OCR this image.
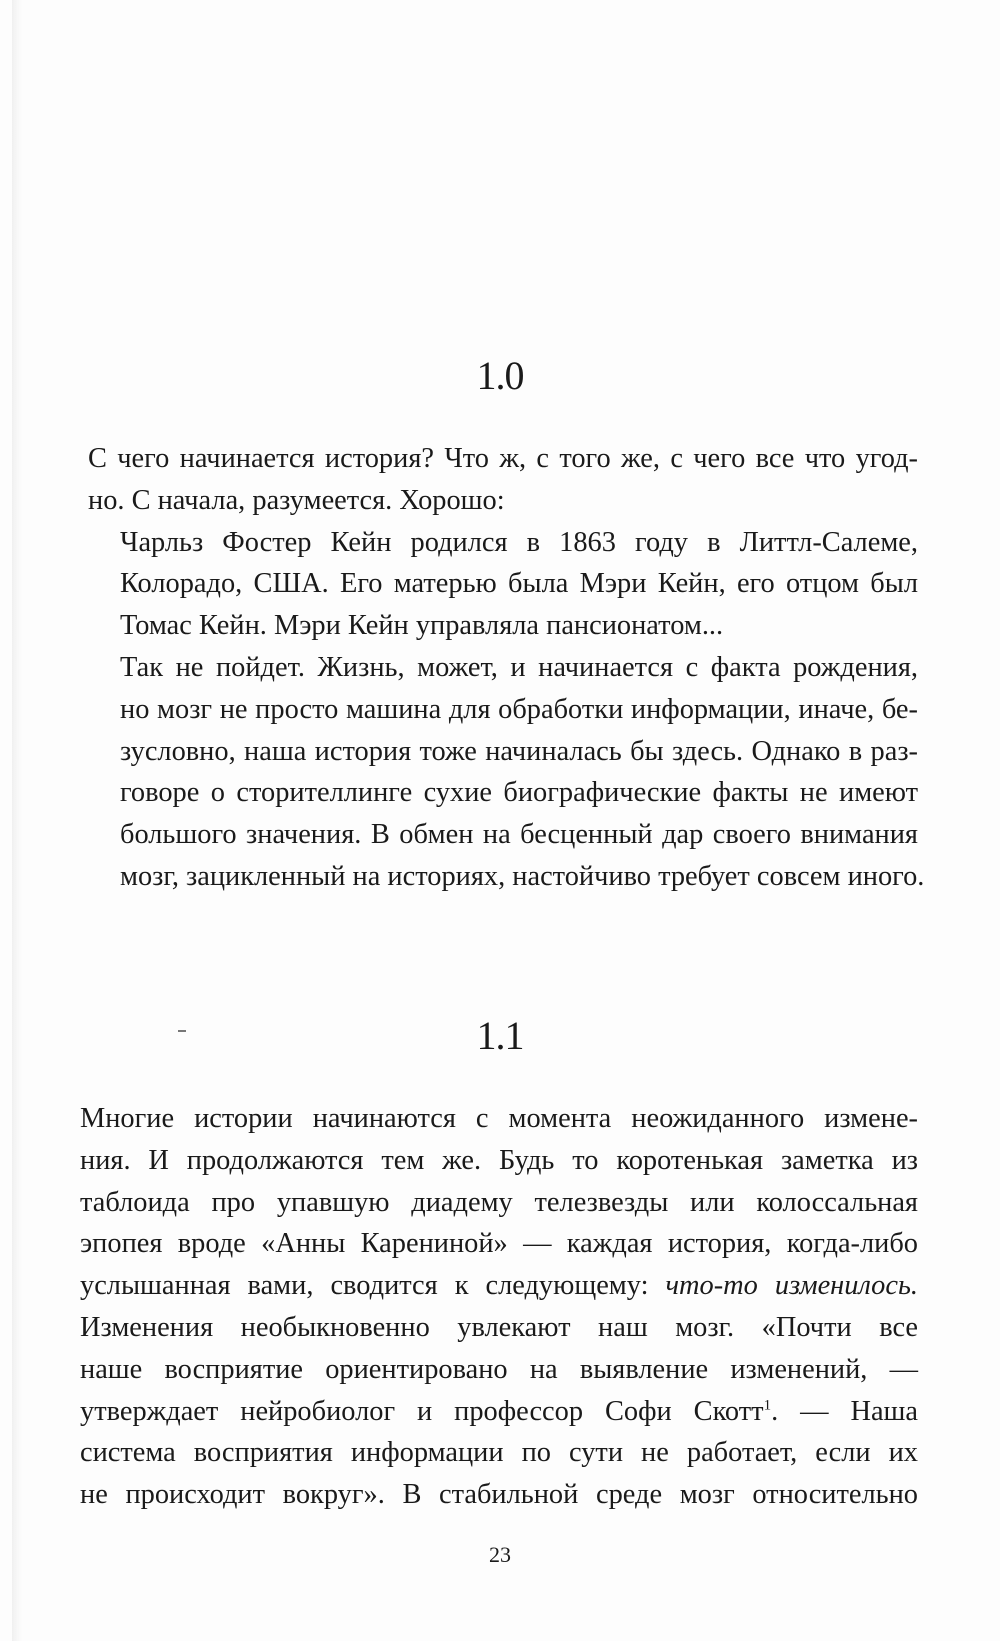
1.0

С чего начинается история? Что ж, с того же, с чего все что угод-
но. С начала, разумеется. Хорошо:

Чарльз Фостер Кейн родился в 1863 году в Литтл-Салеме,
Колорадо, США. Его матерью была Мэри Кейн, его отцом был
Томас Кейн. Мэри Кейн управляла пансионатом...

Так не пойдет. Жизнь, может, и начинается с факта рождения,
но мозг не просто машина для обработки информации, иначе, бе-
зусловно, наша история тоже начиналась бы здесь. Однако в раз-
говоре о сторителлинге сухие биографические факты не имеют
большого значения. В обмен на бесценный дар своего внимания
мозг, зацикленный на историях, настойчиво требует совсем иного.

1.1

Многие истории начинаются с момента неожиданного измене-
ния. И продолжаются тем же. Будь то коротенькая заметка из
таблоида про упавшую диадему телезвезды или колоссальная
эпопея вроде «Анны Карениной» — каждая история, когда-либо
услышанная вами, сводится к следующему: что-то изменилось.
Изменения необыкновенно увлекают наш мозг. «Почти все
наше восприятие ориентировано на выявление изменений, —
утверждает нейробиолог и профессор Софи Скотт$^1$. — Наша
система восприятия информации по сути не работает, если их
не происходит вокруг». В стабильной среде мозг относительно

23
